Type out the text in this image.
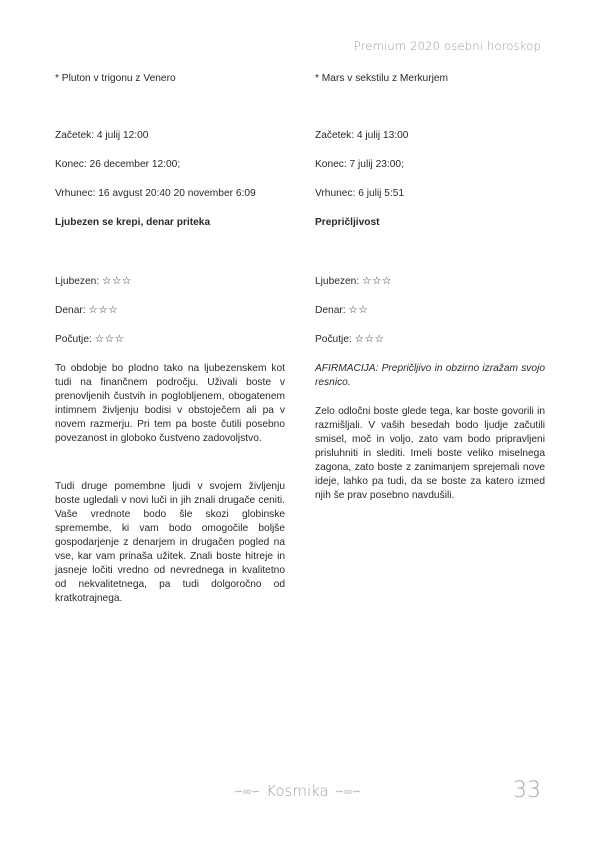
Premium 2020 osebni horoskop
* Pluton v trigonu z Venero
Začetek: 4 julij 12:00
Konec: 26 december 12:00;
Vrhunec: 16 avgust 20:40 20 november 6:09
Ljubezen se krepi, denar priteka
Ljubezen: ☆☆☆
Denar: ☆☆☆
Počutje: ☆☆☆
To obdobje bo plodno tako na ljubezenskem kot tudi na finančnem področju. Uživali boste v prenovljenih čustvih in poglobljenem, obogatenem intimnem življenju bodisi v obstoječem ali pa v novem razmerju. Pri tem pa boste čutili posebno povezanost in globoko čustveno zadovoljstvo.
Tudi druge pomembne ljudi v svojem življenju boste ugledali v novi luči in jih znali drugače ceniti. Vaše vrednote bodo šle skozi globinske spremembe, ki vam bodo omogočile boljše gospodarjenje z denarjem in drugačen pogled na vse, kar vam prinaša užitek. Znali boste hitreje in jasneje ločiti vredno od nevrednega in kvalitetno od nekvalitetnega, pa tudi dolgoročno od kratkotrajnega.
* Mars v sekstilu z Merkurjem
Začetek: 4 julij 13:00
Konec: 7 julij 23:00;
Vrhunec: 6 julij 5:51
Prepričljivost
Ljubezen: ☆☆☆
Denar: ☆☆
Počutje: ☆☆☆
AFIRMACIJA: Prepričljivo in obzirno izražam svojo resnico.
Zelo odločni boste glede tega, kar boste govorili in razmišljali. V vaših besedah bodo ljudje začutili smisel, moč in voljo, zato vam bodo pripravljeni prisluhniti in slediti. Imeli boste veliko miselnega zagona, zato boste z zanimanjem sprejemali nove ideje, lahko pa tudi, da se boste za katero izmed njih še prav posebno navdušili.
∽∞∽ Kosmika ∽∞∽	33
